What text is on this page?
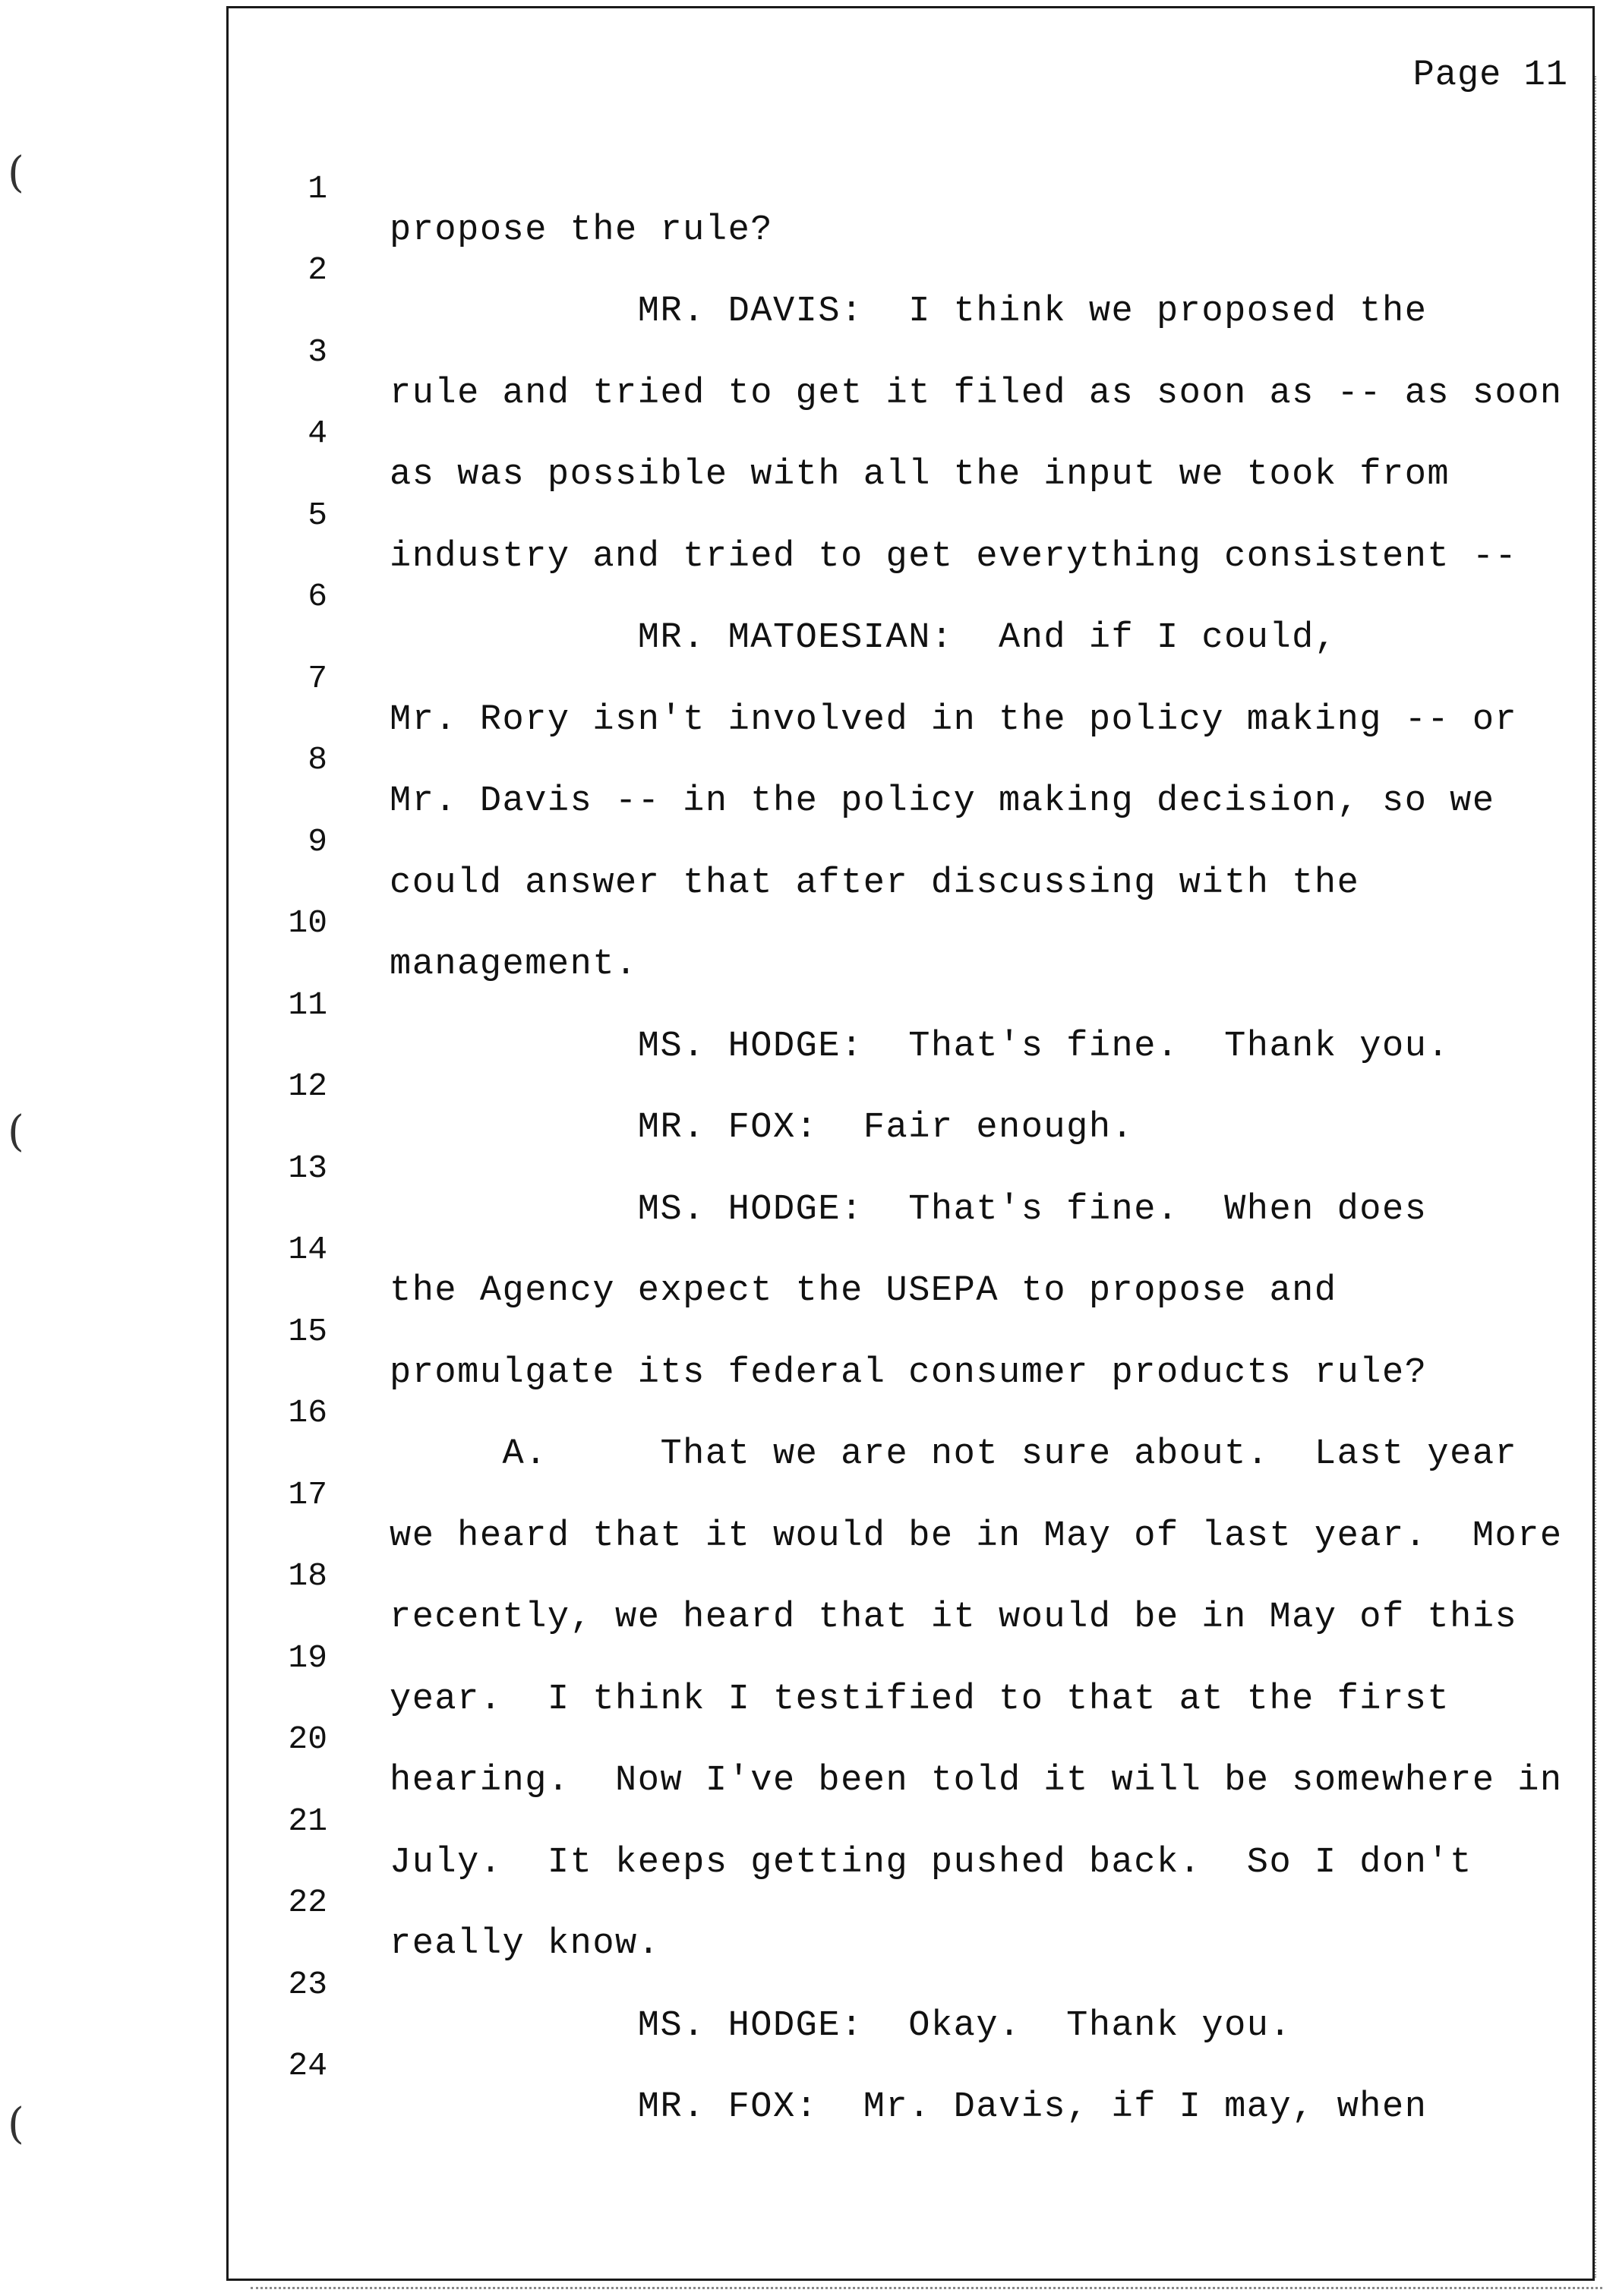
(
(
(
Page 11

1

propose the rule?

2

MR. DAVIS:  I think we proposed the

3

rule and tried to get it filed as soon as -- as soon

4

as was possible with all the input we took from

5

industry and tried to get everything consistent --

6

MR. MATOESIAN:  And if I could,

7

Mr. Rory isn't involved in the policy making -- or

8

Mr. Davis -- in the policy making decision, so we

9

could answer that after discussing with the

10

management.

11

MS. HODGE:  That's fine.  Thank you.

12

MR. FOX:  Fair enough.

13

MS. HODGE:  That's fine.  When does

14

the Agency expect the USEPA to propose and

15

promulgate its federal consumer products rule?

16

A.     That we are not sure about.  Last year

17

we heard that it would be in May of last year.  More

18

recently, we heard that it would be in May of this

19

year.  I think I testified to that at the first

20

hearing.  Now I've been told it will be somewhere in

21

July.  It keeps getting pushed back.  So I don't

22

really know.

23

MS. HODGE:  Okay.  Thank you.

24

MR. FOX:  Mr. Davis, if I may, when
